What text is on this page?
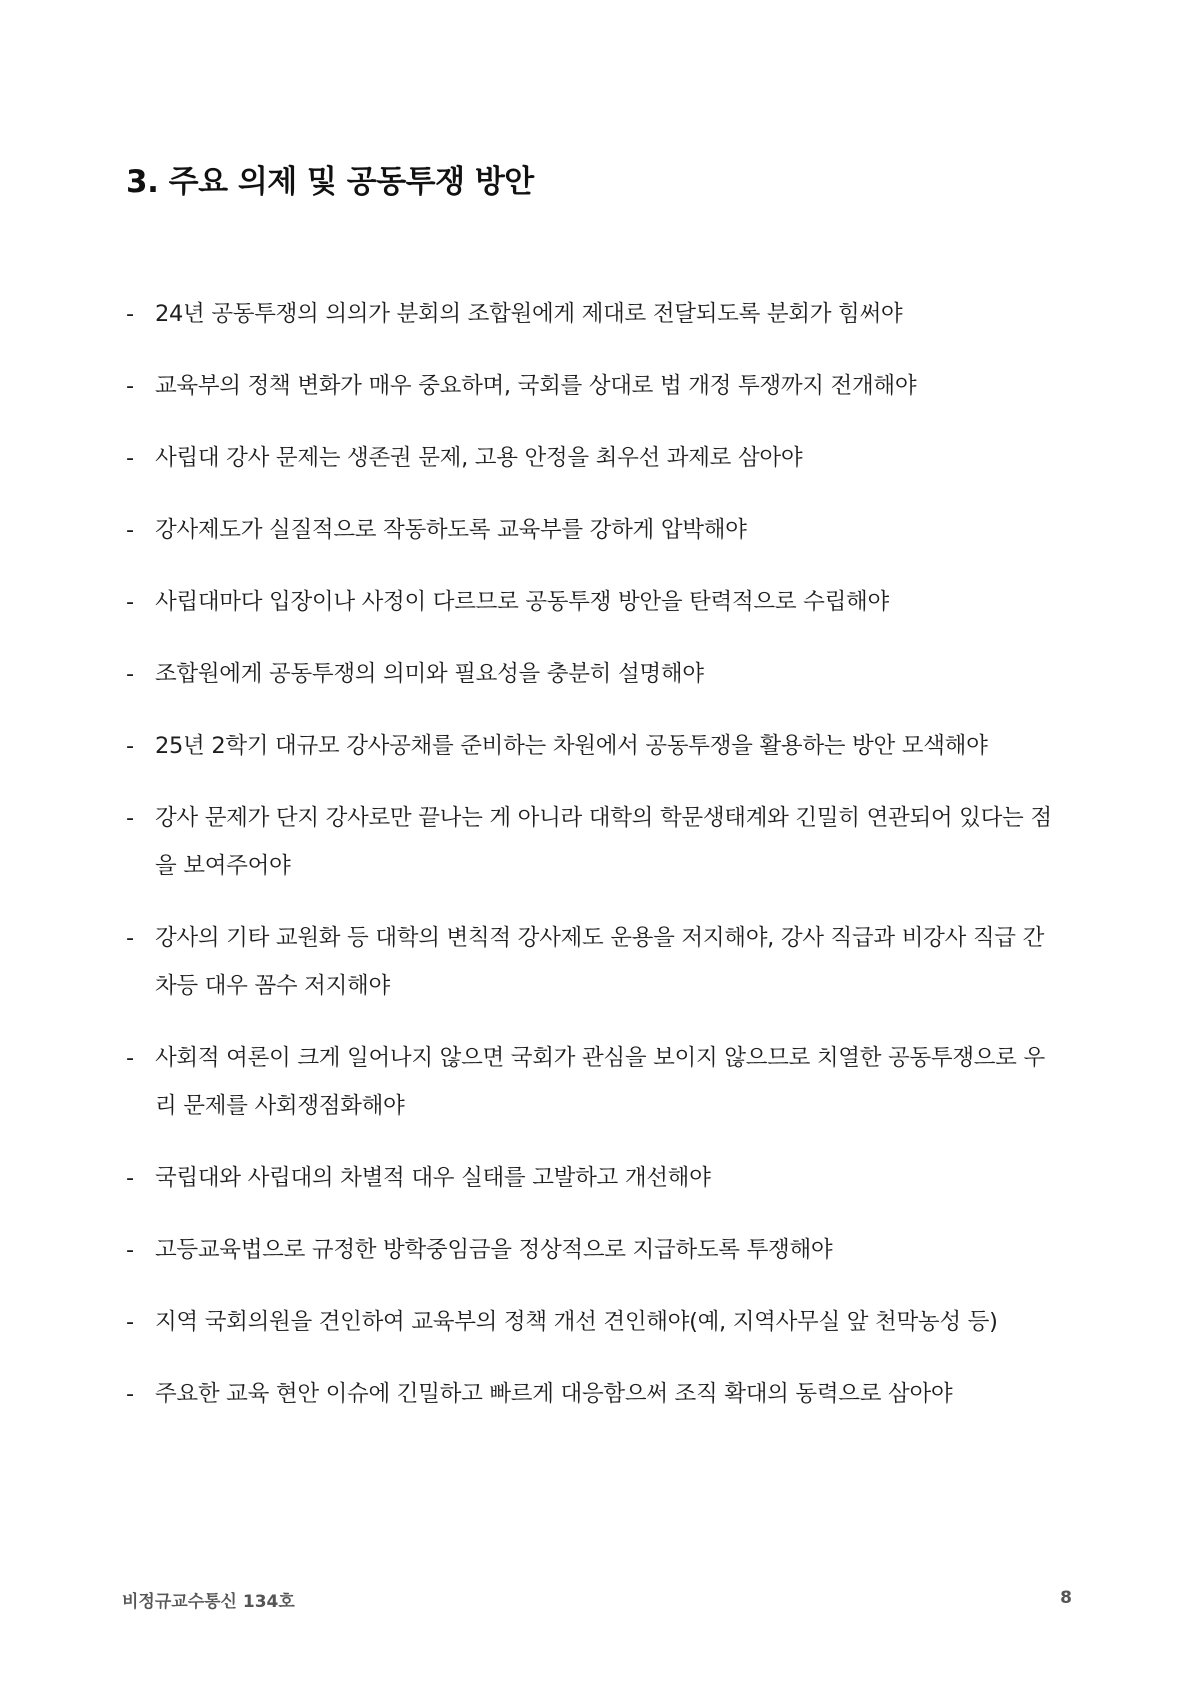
3. 주요 의제 및 공동투쟁 방안
- 24년 공동투쟁의 의의가 분회의 조합원에게 제대로 전달되도록 분회가 힘써야
- 교육부의 정책 변화가 매우 중요하며, 국회를 상대로 법 개정 투쟁까지 전개해야
- 사립대 강사 문제는 생존권 문제, 고용 안정을 최우선 과제로 삼아야
- 강사제도가 실질적으로 작동하도록 교육부를 강하게 압박해야
- 사립대마다 입장이나 사정이 다르므로 공동투쟁 방안을 탄력적으로 수립해야
- 조합원에게 공동투쟁의 의미와 필요성을 충분히 설명해야
- 25년 2학기 대규모 강사공채를 준비하는 차원에서 공동투쟁을 활용하는 방안 모색해야
- 강사 문제가 단지 강사로만 끝나는 게 아니라 대학의 학문생태계와 긴밀히 연관되어 있다는 점을 보여주어야
- 강사의 기타 교원화 등 대학의 변칙적 강사제도 운용을 저지해야, 강사 직급과 비강사 직급 간 차등 대우 꼼수 저지해야
- 사회적 여론이 크게 일어나지 않으면 국회가 관심을 보이지 않으므로 치열한 공동투쟁으로 우리 문제를 사회쟁점화해야
- 국립대와 사립대의 차별적 대우 실태를 고발하고 개선해야
- 고등교육법으로 규정한 방학중임금을 정상적으로 지급하도록 투쟁해야
- 지역 국회의원을 견인하여 교육부의 정책 개선 견인해야(예, 지역사무실 앞 천막농성 등)
- 주요한 교육 현안 이슈에 긴밀하고 빠르게 대응함으써 조직 확대의 동력으로 삼아야
비정규교수통신 134호	8
